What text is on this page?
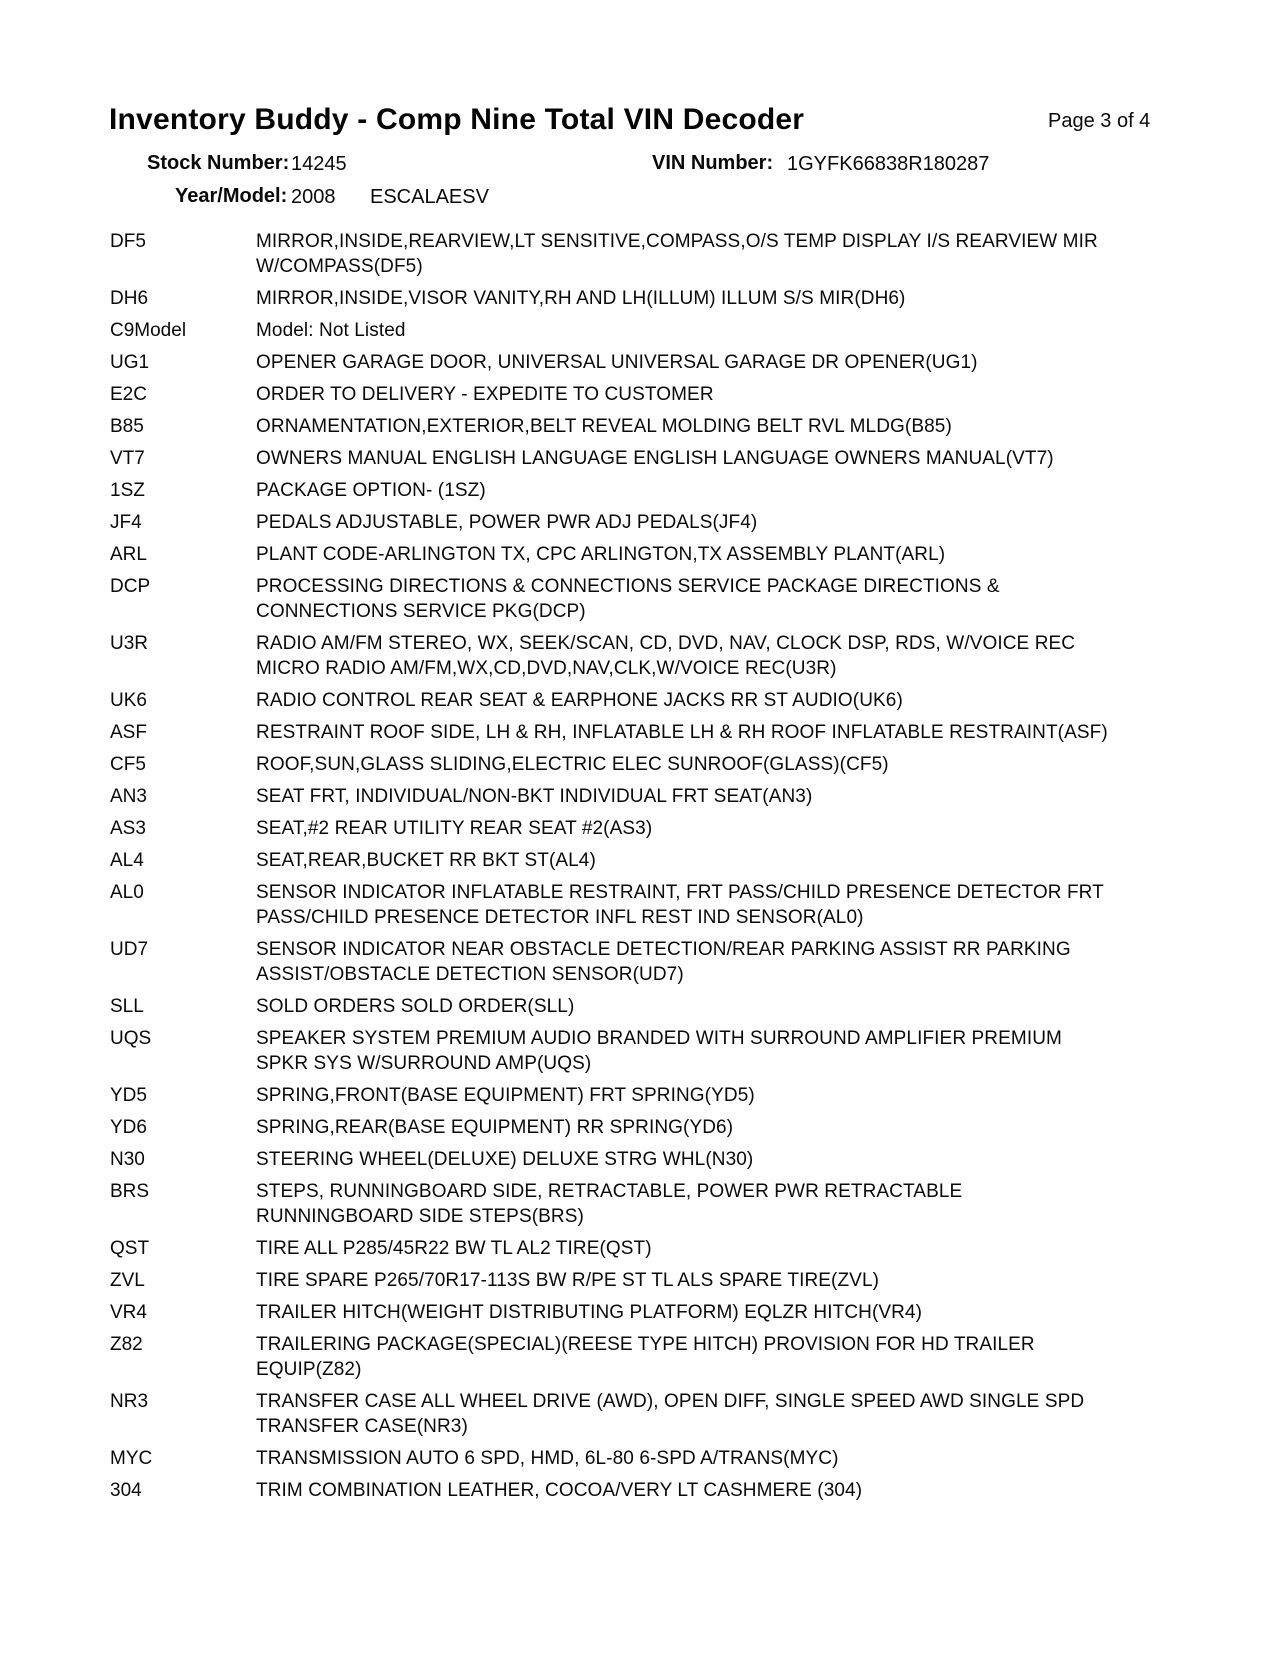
Inventory Buddy - Comp Nine Total VIN Decoder	Page 3 of 4
Stock Number: 14245	VIN Number: 1GYFK66838R180287
Year/Model: 2008 ESCALAESV
DF5	MIRROR,INSIDE,REARVIEW,LT SENSITIVE,COMPASS,O/S TEMP DISPLAY I/S REARVIEW MIR W/COMPASS(DF5)
DH6	MIRROR,INSIDE,VISOR VANITY,RH AND LH(ILLUM) ILLUM S/S MIR(DH6)
C9Model	Model: Not Listed
UG1	OPENER GARAGE DOOR, UNIVERSAL UNIVERSAL GARAGE DR OPENER(UG1)
E2C	ORDER TO DELIVERY - EXPEDITE TO CUSTOMER
B85	ORNAMENTATION,EXTERIOR,BELT REVEAL MOLDING BELT RVL MLDG(B85)
VT7	OWNERS MANUAL ENGLISH LANGUAGE ENGLISH LANGUAGE OWNERS MANUAL(VT7)
1SZ	PACKAGE OPTION- (1SZ)
JF4	PEDALS ADJUSTABLE, POWER PWR ADJ PEDALS(JF4)
ARL	PLANT CODE-ARLINGTON TX, CPC ARLINGTON,TX ASSEMBLY PLANT(ARL)
DCP	PROCESSING DIRECTIONS & CONNECTIONS SERVICE PACKAGE DIRECTIONS & CONNECTIONS SERVICE PKG(DCP)
U3R	RADIO AM/FM STEREO, WX, SEEK/SCAN, CD, DVD, NAV, CLOCK DSP, RDS, W/VOICE REC MICRO RADIO AM/FM,WX,CD,DVD,NAV,CLK,W/VOICE REC(U3R)
UK6	RADIO CONTROL REAR SEAT & EARPHONE JACKS RR ST AUDIO(UK6)
ASF	RESTRAINT ROOF SIDE, LH & RH, INFLATABLE LH & RH ROOF INFLATABLE RESTRAINT(ASF)
CF5	ROOF,SUN,GLASS SLIDING,ELECTRIC ELEC SUNROOF(GLASS)(CF5)
AN3	SEAT FRT, INDIVIDUAL/NON-BKT INDIVIDUAL FRT SEAT(AN3)
AS3	SEAT,#2 REAR UTILITY REAR SEAT #2(AS3)
AL4	SEAT,REAR,BUCKET RR BKT ST(AL4)
AL0	SENSOR INDICATOR INFLATABLE RESTRAINT, FRT PASS/CHILD PRESENCE DETECTOR FRT PASS/CHILD PRESENCE DETECTOR INFL REST IND SENSOR(AL0)
UD7	SENSOR INDICATOR NEAR OBSTACLE DETECTION/REAR PARKING ASSIST RR PARKING ASSIST/OBSTACLE DETECTION SENSOR(UD7)
SLL	SOLD ORDERS SOLD ORDER(SLL)
UQS	SPEAKER SYSTEM PREMIUM AUDIO BRANDED WITH SURROUND AMPLIFIER PREMIUM SPKR SYS W/SURROUND AMP(UQS)
YD5	SPRING,FRONT(BASE EQUIPMENT) FRT SPRING(YD5)
YD6	SPRING,REAR(BASE EQUIPMENT) RR SPRING(YD6)
N30	STEERING WHEEL(DELUXE) DELUXE STRG WHL(N30)
BRS	STEPS, RUNNINGBOARD SIDE, RETRACTABLE, POWER PWR RETRACTABLE RUNNINGBOARD SIDE STEPS(BRS)
QST	TIRE ALL P285/45R22 BW TL AL2 TIRE(QST)
ZVL	TIRE SPARE P265/70R17-113S BW R/PE ST TL ALS SPARE TIRE(ZVL)
VR4	TRAILER HITCH(WEIGHT DISTRIBUTING PLATFORM) EQLZR HITCH(VR4)
Z82	TRAILERING PACKAGE(SPECIAL)(REESE TYPE HITCH) PROVISION FOR HD TRAILER EQUIP(Z82)
NR3	TRANSFER CASE ALL WHEEL DRIVE (AWD), OPEN DIFF, SINGLE SPEED AWD SINGLE SPD TRANSFER CASE(NR3)
MYC	TRANSMISSION AUTO 6 SPD, HMD, 6L-80 6-SPD A/TRANS(MYC)
304	TRIM COMBINATION LEATHER, COCOA/VERY LT CASHMERE (304)
